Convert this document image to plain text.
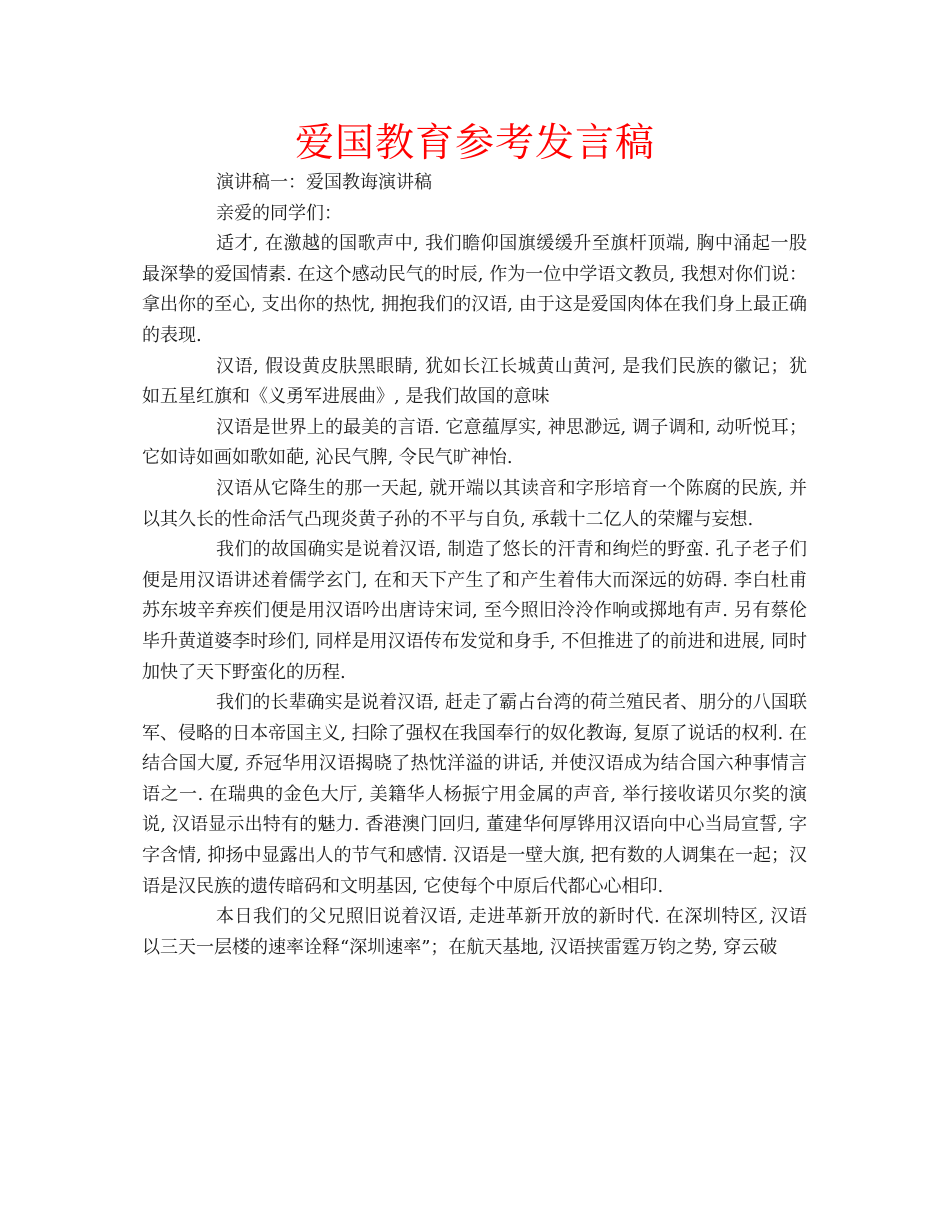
爱国教育参考发言稿

演讲稿一：爱国教诲演讲稿

亲爱的同学们：

适才, 在激越的国歌声中, 我们瞻仰国旗缓缓升至旗杆顶端, 胸中涌起一股最深挚的爱国情素. 在这个感动民气的时辰, 作为一位中学语文教员, 我想对你们说：拿出你的至心, 支出你的热忱, 拥抱我们的汉语, 由于这是爱国肉体在我们身上最正确的表现.

汉语, 假设黄皮肤黑眼睛, 犹如长江长城黄山黄河, 是我们民族的徽记；犹如五星红旗和《义勇军进展曲》, 是我们故国的意味

汉语是世界上的最美的言语. 它意蕴厚实, 神思渺远, 调子调和, 动听悦耳；它如诗如画如歌如葩, 沁民气脾, 令民气旷神怡.

汉语从它降生的那一天起, 就开端以其读音和字形培育一个陈腐的民族, 并以其久长的性命活气凸现炎黄子孙的不平与自负, 承载十二亿人的荣耀与妄想.

我们的故国确实是说着汉语, 制造了悠长的汗青和绚烂的野蛮. 孔子老子们便是用汉语讲述着儒学玄门, 在和天下产生了和产生着伟大而深远的妨碍. 李白杜甫苏东坡辛弃疾们便是用汉语吟出唐诗宋词, 至今照旧泠泠作响或掷地有声. 另有蔡伦毕升黄道婆李时珍们, 同样是用汉语传布发觉和身手, 不但推进了的前进和进展, 同时加快了天下野蛮化的历程.

我们的长辈确实是说着汉语, 赶走了霸占台湾的荷兰殖民者、朋分的八国联军、侵略的日本帝国主义, 扫除了强权在我国奉行的奴化教诲, 复原了说话的权利. 在结合国大厦, 乔冠华用汉语揭晓了热忱洋溢的讲话, 并使汉语成为结合国六种事情言语之一. 在瑞典的金色大厅, 美籍华人杨振宁用金属的声音, 举行接收诺贝尔奖的演说, 汉语显示出特有的魅力. 香港澳门回归, 董建华何厚铧用汉语向中心当局宣誓, 字字含情, 抑扬中显露出人的节气和感情. 汉语是一壁大旗, 把有数的人调集在一起；汉语是汉民族的遗传暗码和文明基因, 它使每个中原后代都心心相印.

本日我们的父兄照旧说着汉语, 走进革新开放的新时代. 在深圳特区, 汉语以三天一层楼的速率诠释“深圳速率”；在航天基地, 汉语挟雷霆万钧之势, 穿云破
